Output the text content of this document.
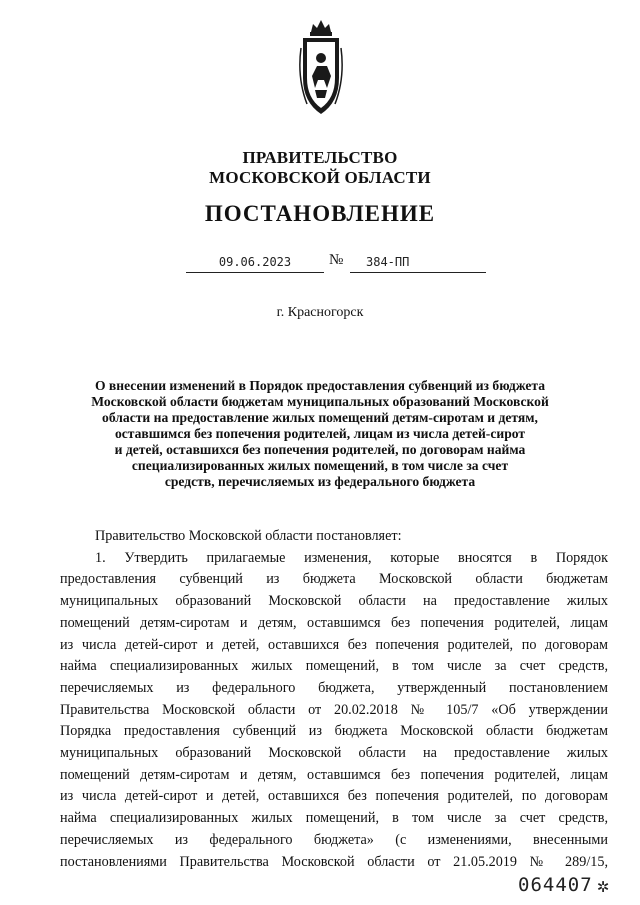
ПРАВИТЕЛЬСТВО
МОСКОВСКОЙ ОБЛАСТИ
ПОСТАНОВЛЕНИЕ
09.06.2023	№ 384-ПП
г. Красногорск
О внесении изменений в Порядок предоставления субвенций из бюджета
Московской области бюджетам муниципальных образований Московской
области на предоставление жилых помещений детям-сиротам и детям,
оставшимся без попечения родителей, лицам из числа детей-сирот
и детей, оставшихся без попечения родителей, по договорам найма
специализированных жилых помещений, в том числе за счет
средств, перечисляемых из федерального бюджета

Правительство Московской области постановляет:

1. Утвердить прилагаемые изменения, которые вносятся в Порядок

предоставления субвенций из бюджета Московской области бюджетам

муниципальных образований Московской области на предоставление жилых

помещений детям-сиротам и детям, оставшимся без попечения родителей, лицам

из числа детей-сирот и детей, оставшихся без попечения родителей, по договорам

найма специализированных жилых помещений, в том числе за счет средств,

перечисляемых из федерального бюджета, утвержденный постановлением

Правительства Московской области от 20.02.2018 № 105/7 «Об утверждении

Порядка предоставления субвенций из бюджета Московской области бюджетам

муниципальных образований Московской области на предоставление жилых

помещений детям-сиротам и детям, оставшимся без попечения родителей, лицам

из числа детей-сирот и детей, оставшихся без попечения родителей, по договорам

найма специализированных жилых помещений, в том числе за счет средств,

перечисляемых из федерального бюджета» (с изменениями, внесенными

постановлениями Правительства Московской области от 21.05.2019 № 289/15,

064407 ✲
